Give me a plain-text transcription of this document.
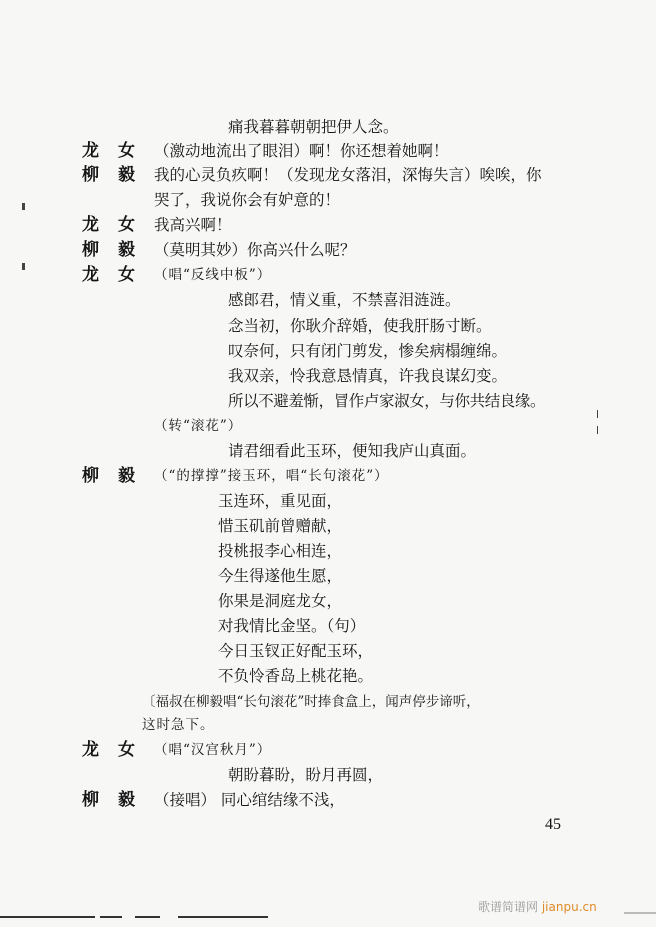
痛我暮暮朝朝把伊人念。
龙 女 （激动地流出了眼泪）啊！你还想着她啊！
柳 毅 我的心灵负疚啊！（发现龙女落泪，深悔失言）唉唉，你
哭了，我说你会有妒意的！
龙 女 我高兴啊！
柳 毅 （莫明其妙）你高兴什么呢？
龙 女 （唱“反线中板”）
感郎君，情义重，不禁喜泪涟涟。
念当初，你耿介辞婚，使我肝肠寸断。
叹奈何，只有闭门剪发，惨矣病榻缠绵。
我双亲，怜我意恳情真，许我良谋幻变。
所以不避羞惭，冒作卢家淑女，与你共结良缘。
（转“滚花”）
请君细看此玉环，便知我庐山真面。
柳 毅 （“的撑撑”接玉环，唱“长句滚花”）
玉连环，重见面，
惜玉矶前曾赠献，
投桃报李心相连，
今生得遂他生愿，
你果是洞庭龙女，
对我情比金坚。（句）
今日玉钗正好配玉环，
不负怜香岛上桃花艳。
〔福叔在柳毅唱“长句滚花”时捧食盒上，闻声停步谛听，
这时急下。
龙 女 （唱“汉宫秋月”）
朝盼暮盼，盼月再圆，
柳 毅 （接唱） 同心绾结缘不浅，
45
歌谱简谱网 jianpu.cn
